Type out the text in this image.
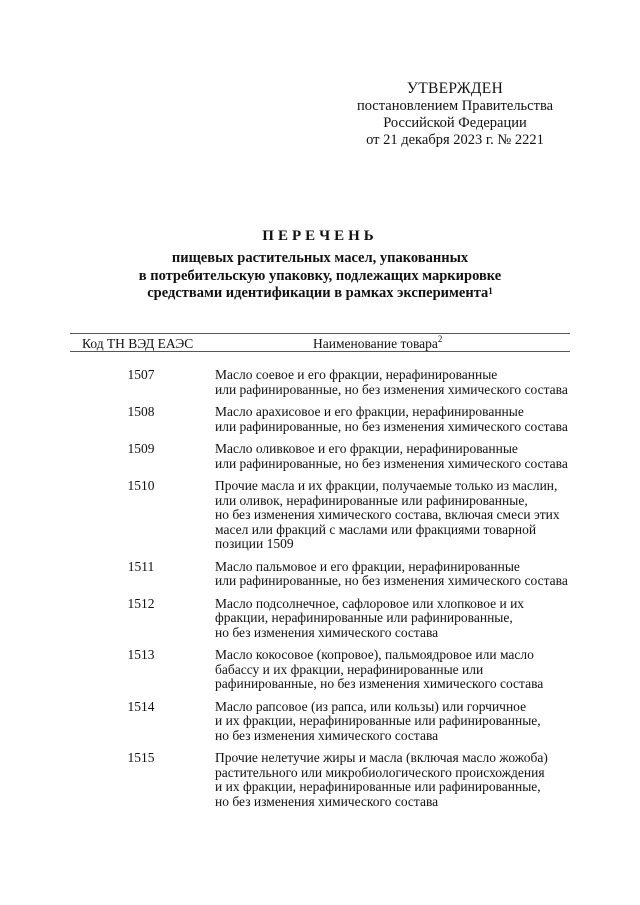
УТВЕРЖДЕН
постановлением Правительства
Российской Федерации
от 21 декабря 2023 г. № 2221
ПЕРЕЧЕНЬ
пищевых растительных масел, упакованных
в потребительскую упаковку, подлежащих маркировке
средствами идентификации в рамках эксперимента$^1$
Код ТН ВЭД ЕАЭС	Наименование товара$^2$
1507	Масло соевое и его фракции, нерафинированные
или рафинированные, но без изменения химического состава
1508	Масло арахисовое и его фракции, нерафинированные
или рафинированные, но без изменения химического состава
1509	Масло оливковое и его фракции, нерафинированные
или рафинированные, но без изменения химического состава
1510	Прочие масла и их фракции, получаемые только из маслин,
или оливок, нерафинированные или рафинированные,
но без изменения химического состава, включая смеси этих
масел или фракций с маслами или фракциями товарной
позиции 1509
1511	Масло пальмовое и его фракции, нерафинированные
или рафинированные, но без изменения химического состава
1512	Масло подсолнечное, сафлоровое или хлопковое и их
фракции, нерафинированные или рафинированные,
но без изменения химического состава
1513	Масло кокосовое (копровое), пальмоядровое или масло
бабассу и их фракции, нерафинированные или
рафинированные, но без изменения химического состава
1514	Масло рапсовое (из рапса, или кользы) или горчичное
и их фракции, нерафинированные или рафинированные,
но без изменения химического состава
1515	Прочие нелетучие жиры и масла (включая масло жожоба)
растительного или микробиологического происхождения
и их фракции, нерафинированные или рафинированные,
но без изменения химического состава
